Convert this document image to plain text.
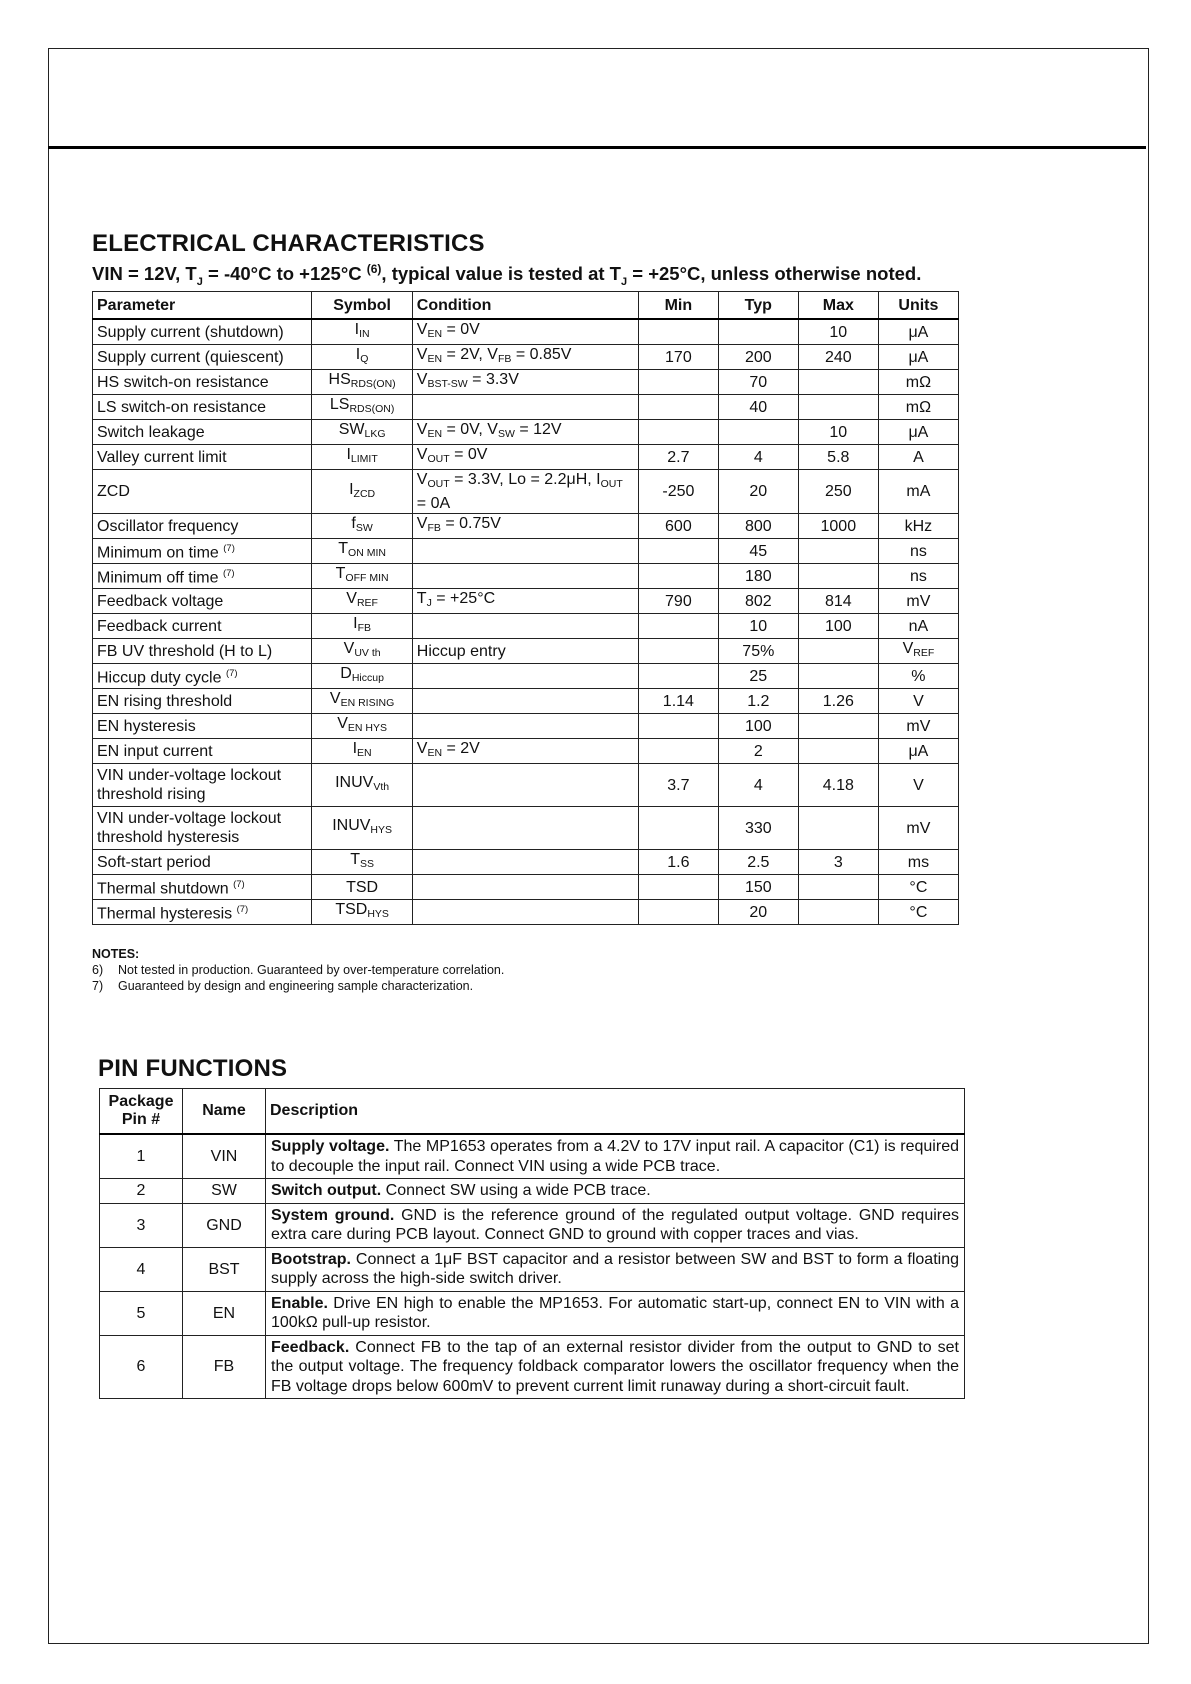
ELECTRICAL CHARACTERISTICS

VIN = 12V, $T_J = -40^\circ C$ to +125°C $^{(6)}$, typical value is tested at $T_J = +25^\circ C$, unless otherwise noted.

Parameter	Symbol	Condition	Min	Typ	Max	Units
Supply current (shutdown)	$I_{IN}$	$V_{EN} = 0V$			10	μA
Supply current (quiescent)	$I_Q$	$V_{EN} = 2V$, $V_{FB} = 0.85V$	170	200	240	μA
HS switch-on resistance	$HS_{RDS(ON)}$	$V_{BST-SW} = 3.3V$		70		mΩ
LS switch-on resistance	$LS_{RDS(ON)}$			40		mΩ
Switch leakage	$SW_{LKG}$	$V_{EN} = 0V$, $V_{SW} = 12V$			10	μA
Valley current limit	$I_{LIMIT}$	$V_{OUT} = 0V$	2.7	4	5.8	A
ZCD	$I_{ZCD}$	$V_{OUT} = 3.3V$, Lo = 2.2μH, $I_{OUT} = 0A$	-250	20	250	mA
Oscillator frequency	$f_{SW}$	$V_{FB} = 0.75V$	600	800	1000	kHz
Minimum on time $^{(7)}$	$T_{ON MIN}$			45		ns
Minimum off time $^{(7)}$	$T_{OFF MIN}$			180		ns
Feedback voltage	$V_{REF}$	$T_J = +25^\circ C$	790	802	814	mV
Feedback current	$I_{FB}$			10	100	nA
FB UV threshold (H to L)	$V_{UV th}$	Hiccup entry		75%		$V_{REF}$
Hiccup duty cycle $^{(7)}$	$D_{Hiccup}$			25		%
EN rising threshold	$V_{EN RISING}$		1.14	1.2	1.26	V
EN hysteresis	$V_{EN HYS}$			100		mV
EN input current	$I_{EN}$	$V_{EN} = 2V$		2		μA
VIN under-voltage lockout threshold rising	$INUV_{Vth}$		3.7	4	4.18	V
VIN under-voltage lockout threshold hysteresis	$INUV_{HYS}$			330		mV
Soft-start period	$T_{SS}$		1.6	2.5	3	ms
Thermal shutdown $^{(7)}$	TSD			150		°C
Thermal hysteresis $^{(7)}$	$TSD_{HYS}$			20		°C
NOTES:
6) Not tested in production. Guaranteed by over-temperature correlation.
7) Guaranteed by design and engineering sample characterization.
PIN FUNCTIONS
Package Pin #	Name	Description
1	VIN	Supply voltage. The MP1653 operates from a 4.2V to 17V input rail. A capacitor (C1) is required to decouple the input rail. Connect VIN using a wide PCB trace.
2	SW	Switch output. Connect SW using a wide PCB trace.
3	GND	System ground. GND is the reference ground of the regulated output voltage. GND requires extra care during PCB layout. Connect GND to ground with copper traces and vias.
4	BST	Bootstrap. Connect a 1μF BST capacitor and a resistor between SW and BST to form a floating supply across the high-side switch driver.
5	EN	Enable. Drive EN high to enable the MP1653. For automatic start-up, connect EN to VIN with a 100kΩ pull-up resistor.
6	FB	Feedback. Connect FB to the tap of an external resistor divider from the output to GND to set the output voltage. The frequency foldback comparator lowers the oscillator frequency when the FB voltage drops below 600mV to prevent current limit runaway during a short-circuit fault.
